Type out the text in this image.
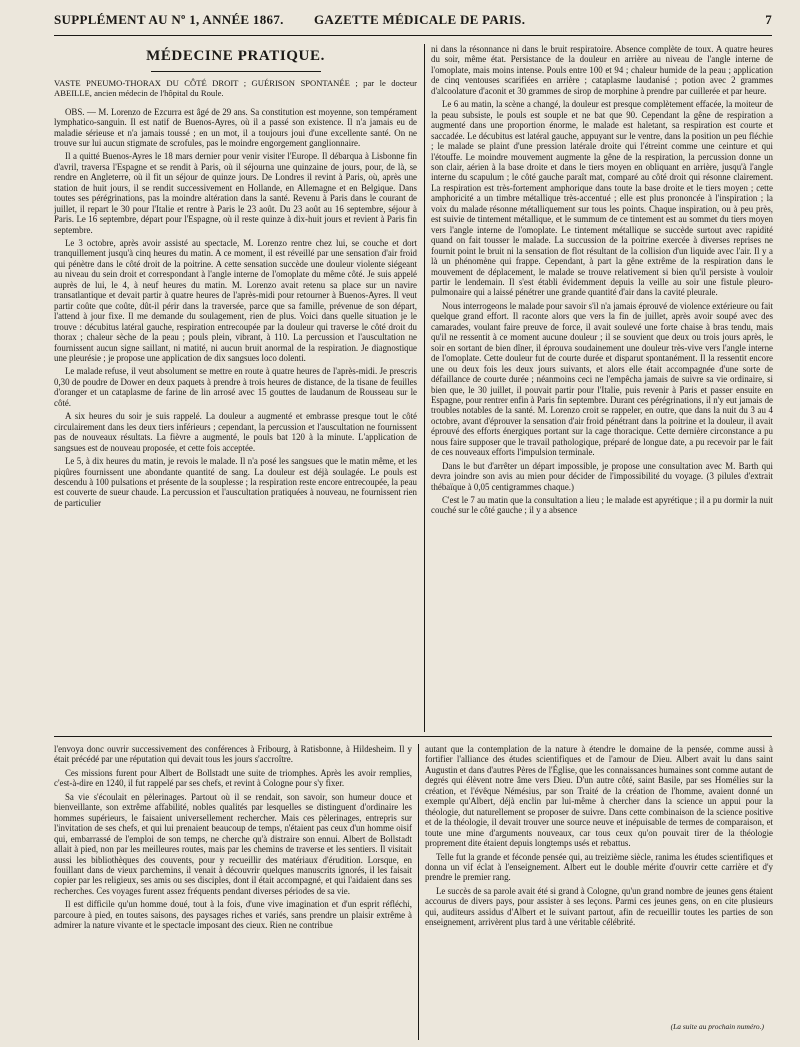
SUPPLÉMENT AU Nº 1, ANNÉE 1867. GAZETTE MÉDICALE DE PARIS.	7
MÉDECINE PRATIQUE.
VASTE PNEUMO-THORAX DU CÔTÉ DROIT ; GUÉRISON SPONTANÉE ; par le docteur ABEILLE, ancien médecin de l'hôpital du Roule.

OBS. — M. Lorenzo de Ezcurra est âgé de 29 ans. Sa constitution est moyenne, son tempérament lymphatico-sanguin. Il est natif de Buenos-Ayres, où il a passé son existence. Il n'a jamais eu de maladie sérieuse et n'a jamais toussé ; en un mot, il a toujours joui d'une excellente santé. On ne trouve sur lui aucun stigmate de scrofules, pas le moindre engorgement ganglionnaire.

Il a quitté Buenos-Ayres le 18 mars dernier pour venir visiter l'Europe. Il débarqua à Lisbonne fin d'avril, traversa l'Espagne et se rendit à Paris, où il séjourna une quinzaine de jours, pour, de là, se rendre en Angleterre, où il fit un séjour de quinze jours. De Londres il revint à Paris, où, après une station de huit jours, il se rendit successivement en Hollande, en Allemagne et en Belgique. Dans toutes ses pérégrinations, pas la moindre altération dans la santé. Revenu à Paris dans le courant de juillet, il repart le 30 pour l'Italie et rentre à Paris le 23 août. Du 23 août au 16 septembre, séjour à Paris. Le 16 septembre, départ pour l'Espagne, où il reste quinze à dix-huit jours et revient à Paris fin septembre.

Le 3 octobre, après avoir assisté au spectacle, M. Lorenzo rentre chez lui, se couche et dort tranquillement jusqu'à cinq heures du matin. A ce moment, il est réveillé par une sensation d'air froid qui pénètre dans le côté droit de la poitrine. A cette sensation succède une douleur violente siégeant au niveau du sein droit et correspondant à l'angle interne de l'omoplate du même côté. Je suis appelé auprès de lui, le 4, à neuf heures du matin. M. Lorenzo avait retenu sa place sur un navire transatlantique et devait partir à quatre heures de l'après-midi pour retourner à Buenos-Ayres. Il veut partir coûte que coûte, dût-il périr dans la traversée, parce que sa famille, prévenue de son départ, l'attend à jour fixe. Il me demande du soulagement, rien de plus. Voici dans quelle situation je le trouve : décubitus latéral gauche, respiration entrecoupée par la douleur qui traverse le côté droit du thorax ; chaleur sèche de la peau ; pouls plein, vibrant, à 110. La percussion et l'auscultation ne fournissent aucun signe saillant, ni matité, ni aucun bruit anormal de la respiration. Je diagnostique une pleurésie ; je propose une application de dix sangsues loco dolenti.

Le malade refuse, il veut absolument se mettre en route à quatre heures de l'après-midi. Je prescris 0,30 de poudre de Dower en deux paquets à prendre à trois heures de distance, de la tisane de feuilles d'oranger et un cataplasme de farine de lin arrosé avec 15 gouttes de laudanum de Rousseau sur le côté.

A six heures du soir je suis rappelé. La douleur a augmenté et embrasse presque tout le côté circulairement dans les deux tiers inférieurs ; cependant, la percussion et l'auscultation ne fournissent pas de nouveaux résultats. La fièvre a augmenté, le pouls bat 120 à la minute. L'application de sangsues est de nouveau proposée, et cette fois acceptée.

Le 5, à dix heures du matin, je revois le malade. Il n'a posé les sangsues que le matin même, et les piqûres fournissent une abondante quantité de sang. La douleur est déjà soulagée. Le pouls est descendu à 100 pulsations et présente de la souplesse ; la respiration reste encore entrecoupée, la peau est couverte de sueur chaude. La percussion et l'auscultation pratiquées à nouveau, ne fournissent rien de particulier

ni dans la résonnance ni dans le bruit respiratoire. Absence complète de toux. A quatre heures du soir, même état. Persistance de la douleur en arrière au niveau de l'angle interne de l'omoplate, mais moins intense. Pouls entre 100 et 94 ; chaleur humide de la peau ; application de cinq ventouses scarifiées en arrière ; cataplasme laudanisé ; potion avec 2 grammes d'alcoolature d'aconit et 30 grammes de sirop de morphine à prendre par cuillerée et par heure.

Le 6 au matin, la scène a changé, la douleur est presque complètement effacée, la moiteur de la peau subsiste, le pouls est souple et ne bat que 90. Cependant la gêne de respiration a augmenté dans une proportion énorme, le malade est haletant, sa respiration est courte et saccadée. Le décubitus est latéral gauche, appuyant sur le ventre, dans la position un peu fléchie ; le malade se plaint d'une pression latérale droite qui l'étreint comme une ceinture et qui l'étouffe. Le moindre mouvement augmente la gêne de la respiration, la percussion donne un son clair, aérien à la base droite et dans le tiers moyen en obliquant en arrière, jusqu'à l'angle interne du scapulum ; le côté gauche paraît mat, comparé au côté droit qui résonne clairement. La respiration est très-fortement amphorique dans toute la base droite et le tiers moyen ; cette amphoricité a un timbre métallique très-accentué ; elle est plus prononcée à l'inspiration ; la voix du malade résonne métalliquement sur tous les points. Chaque inspiration, ou à peu près, est suivie de tintement métallique, et le summum de ce tintement est au sommet du tiers moyen vers l'angle interne de l'omoplate. Le tintement métallique se succède surtout avec rapidité quand on fait tousser le malade. La succussion de la poitrine exercée à diverses reprises ne fournit point le bruit ni la sensation de flot résultant de la collision d'un liquide avec l'air. Il y a là un phénomène qui frappe. Cependant, à part la gêne extrême de la respiration dans le mouvement de déplacement, le malade se trouve relativement si bien qu'il persiste à vouloir partir le lendemain. Il s'est établi évidemment depuis la veille au soir une fistule pleuro-pulmonaire qui a laissé pénétrer une grande quantité d'air dans la cavité pleurale.

Nous interrogeons le malade pour savoir s'il n'a jamais éprouvé de violence extérieure ou fait quelque grand effort. Il raconte alors que vers la fin de juillet, après avoir soupé avec des camarades, voulant faire preuve de force, il avait soulevé une forte chaise à bras tendu, mais qu'il ne ressentit à ce moment aucune douleur ; il se souvient que deux ou trois jours après, le soir en sortant de bien dîner, il éprouva soudainement une douleur très-vive vers l'angle interne de l'omoplate. Cette douleur fut de courte durée et disparut spontanément. Il la ressentit encore une ou deux fois les deux jours suivants, et alors elle était accompagnée d'une sorte de défaillance de courte durée ; néanmoins ceci ne l'empêcha jamais de suivre sa vie ordinaire, si bien que, le 30 juillet, il pouvait partir pour l'Italie, puis revenir à Paris et passer ensuite en Espagne, pour rentrer enfin à Paris fin septembre. Durant ces pérégrinations, il n'y eut jamais de troubles notables de la santé. M. Lorenzo croit se rappeler, en outre, que dans la nuit du 3 au 4 octobre, avant d'éprouver la sensation d'air froid pénétrant dans la poitrine et la douleur, il avait éprouvé des efforts énergiques portant sur la cage thoracique. Cette dernière circonstance a pu nous faire supposer que le travail pathologique, préparé de longue date, a pu recevoir par le fait de ces nouveaux efforts l'impulsion terminale.

Dans le but d'arrêter un départ impossible, je propose une consultation avec M. Barth qui devra joindre son avis au mien pour décider de l'impossibilité du voyage. (3 pilules d'extrait thébaïque à 0,05 centigrammes chaque.)

C'est le 7 au matin que la consultation a lieu ; le malade est apyrétique ; il a pu dormir la nuit couché sur le côté gauche ; il y a absence

l'envoya donc ouvrir successivement des conférences à Fribourg, à Ratisbonne, à Hildesheim. Il y était précédé par une réputation qui devait tous les jours s'accroître.

Ces missions furent pour Albert de Bollstadt une suite de triomphes. Après les avoir remplies, c'est-à-dire en 1240, il fut rappelé par ses chefs, et revint à Cologne pour s'y fixer.

Sa vie s'écoulait en pèlerinages. Partout où il se rendait, son savoir, son humeur douce et bienveillante, son extrême affabilité, nobles qualités par lesquelles se distinguent d'ordinaire les hommes supérieurs, le faisaient universellement rechercher. Mais ces pèlerinages, entrepris sur l'invitation de ses chefs, et qui lui prenaient beaucoup de temps, n'étaient pas ceux d'un homme oisif qui, embarrassé de l'emploi de son temps, ne cherche qu'à distraire son ennui. Albert de Bollstadt allait à pied, non par les meilleures routes, mais par les chemins de traverse et les sentiers. Il visitait aussi les bibliothèques des couvents, pour y recueillir des matériaux d'érudition. Lorsque, en fouillant dans de vieux parchemins, il venait à découvrir quelques manuscrits ignorés, il les faisait copier par les religieux, ses amis ou ses disciples, dont il était accompagné, et qui l'aidaient dans ses recherches. Ces voyages furent assez fréquents pendant diverses périodes de sa vie.

Il est difficile qu'un homme doué, tout à la fois, d'une vive imagination et d'un esprit réfléchi, parcoure à pied, en toutes saisons, des paysages riches et variés, sans prendre un plaisir extrême à admirer la nature vivante et le spectacle imposant des cieux. Rien ne contribue

autant que la contemplation de la nature à étendre le domaine de la pensée, comme aussi à fortifier l'alliance des études scientifiques et de l'amour de Dieu. Albert avait lu dans saint Augustin et dans d'autres Pères de l'Église, que les connaissances humaines sont comme autant de degrés qui élèvent notre âme vers Dieu. D'un autre côté, saint Basile, par ses Homélies sur la création, et l'évêque Némésius, par son Traité de la création de l'homme, avaient donné un exemple qu'Albert, déjà enclin par lui-même à chercher dans la science un appui pour la théologie, dut naturellement se proposer de suivre. Dans cette combinaison de la science positive et de la théologie, il devait trouver une source neuve et inépuisable de termes de comparaison, et toute une mine d'arguments nouveaux, car tous ceux qu'on pouvait tirer de la théologie proprement dite étaient depuis longtemps usés et rebattus.

Telle fut la grande et féconde pensée qui, au treizième siècle, ranima les études scientifiques et donna un vif éclat à l'enseignement. Albert eut le double mérite d'ouvrir cette carrière et d'y prendre le premier rang.

Le succès de sa parole avait été si grand à Cologne, qu'un grand nombre de jeunes gens étaient accourus de divers pays, pour assister à ses leçons. Parmi ces jeunes gens, on en cite plusieurs qui, auditeurs assidus d'Albert et le suivant partout, afin de recueillir toutes les parties de son enseignement, arrivèrent plus tard à une véritable célébrité.

(La suite au prochain numéro.)
